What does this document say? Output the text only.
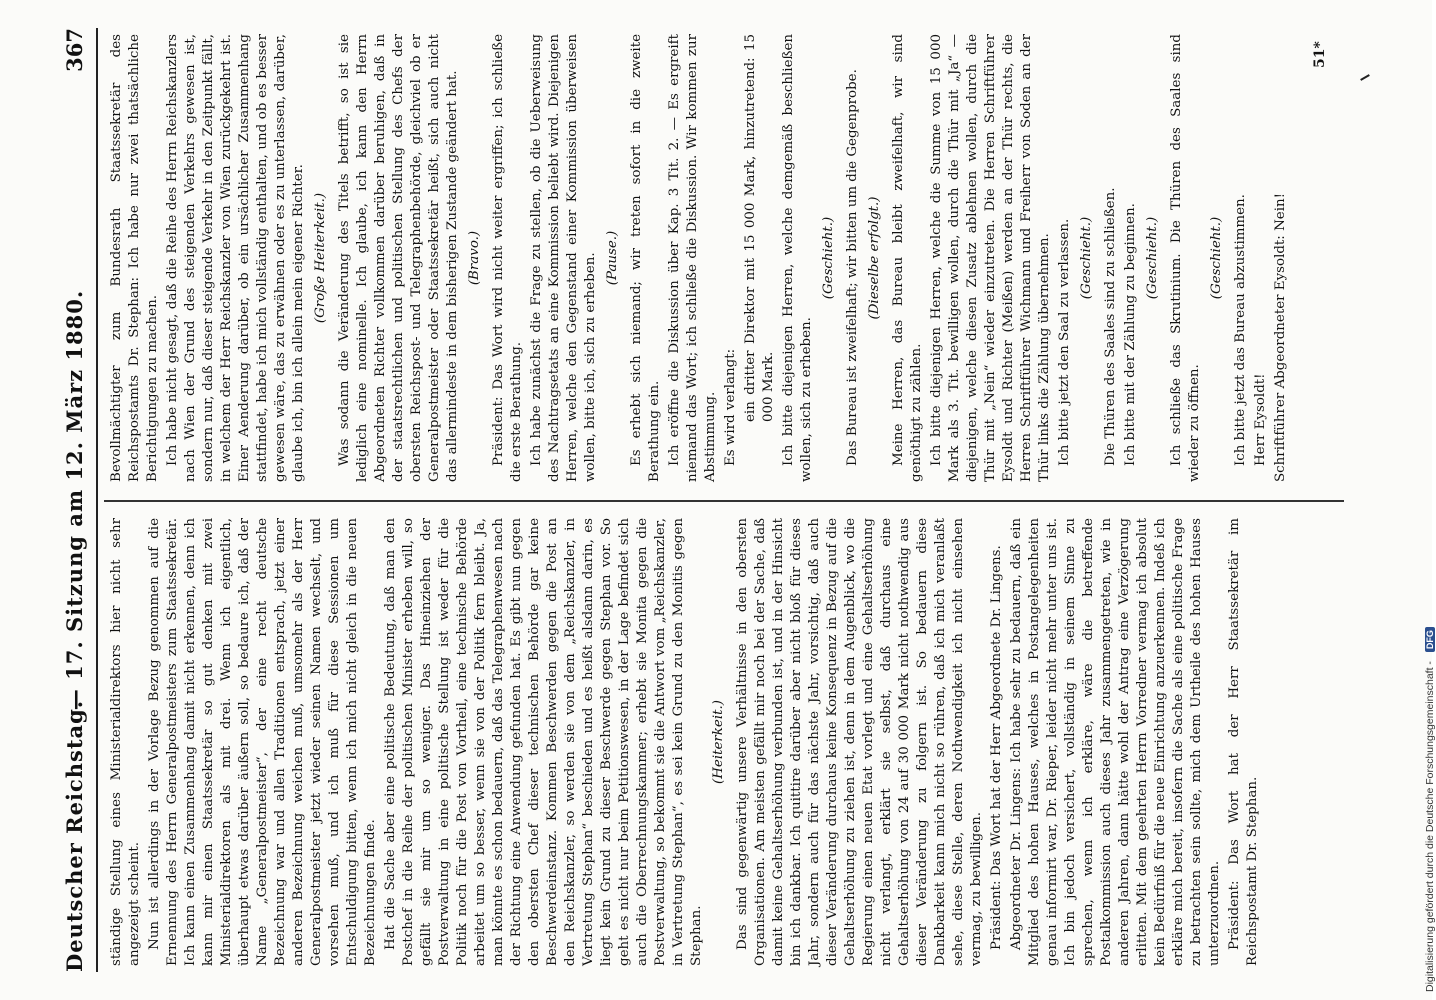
Deutscher Reichstag.
— 17. Sitzung am 12. März 1880.
367

ständige Stellung eines Ministerialdirektors hier nicht sehr angezeigt scheint. Nun ist allerdings in der Vorlage Bezug genommen auf die Ernennung des Herrn Generalpostmeisters zum Staatssekretär. Ich kann einen Zusammenhang damit nicht erkennen, denn ich kann mir einen Staatssekretär so gut denken mit zwei Ministerialdirektoren als mit drei. Wenn ich eigentlich, überhaupt etwas darüber äußern soll, so bedaure ich, daß der Name „Generalpostmeister“, der eine recht deutsche Bezeichnung war und allen Traditionen entsprach, jetzt einer anderen Bezeichnung weichen muß, umsomehr als der Herr Generalpostmeister jetzt wieder seinen Namen wechselt, und vorsehen muß, und ich muß für diese Sessionen um Entschuldigung bitten, wenn ich mich nicht gleich in die neuen Bezeichnungen finde. Hat die Sache aber eine politische Bedeutung, daß man den Postchef in die Reihe der politischen Minister erheben will, so gefällt sie mir um so weniger. Das Hineinziehen der Postverwaltung in eine politische Stellung ist weder für die Politik noch für die Post von Vortheil, eine technische Behörde arbeitet um so besser, wenn sie von der Politik fern bleibt. Ja, man könnte es schon bedauern, daß das Telegraphenwesen nach der Richtung eine Anwendung gefunden hat. Es gibt nun gegen den obersten Chef dieser technischen Behörde gar keine Beschwerdeinstanz. Kommen Beschwerden gegen die Post an den Reichskanzler, so werden sie von dem „Reichskanzler, in Vertretung Stephan“ beschieden und es heißt alsdann darin, es liegt kein Grund zu dieser Beschwerde gegen Stephan vor. So geht es nicht nur beim Petitionswesen, in der Lage befindet sich auch die Oberrechnungskammer; erhebt sie Monita gegen die Postverwaltung, so bekommt sie die Antwort vom „Reichskanzler, in Vertretung Stephan“, es sei kein Grund zu den Monitis gegen Stephan.

(Heiterkeit.) Das sind gegenwärtig unsere Verhältnisse in den obersten Organisationen. Am meisten gefällt mir noch bei der Sache, daß damit keine Gehaltserhöhung verbunden ist, und in der Hinsicht bin ich dankbar. Ich quittire darüber aber nicht bloß für dieses Jahr, sondern auch für das nächste Jahr, vorsichtig, daß auch dieser Veränderung durchaus keine Konsequenz in Bezug auf die Gehaltserhöhung zu ziehen ist, denn in dem Augenblick, wo die Regierung einen neuen Etat vorlegt und eine Gehaltserhöhung nicht verlangt, erklärt sie selbst, daß durchaus eine Gehaltserhöhung von 24 auf 30 000 Mark nicht nothwendig aus dieser Veränderung zu folgern ist. So bedauern diese Dankbarkeit kann mich nicht so rühren, daß ich mich veranlaßt sehe, diese Stelle, deren Nothwendigkeit ich nicht einsehen vermag, zu bewilligen. Präsident: Das Wort hat der Herr Abgeordnete Dr. Lingens. Abgeordneter Dr. Lingens: Ich habe sehr zu bedauern, daß ein Mitglied des hohen Hauses, welches in Postangelegenheiten genau informirt war, Dr. Rieper, leider nicht mehr unter uns ist. Ich bin jedoch versichert, vollständig in seinem Sinne zu sprechen, wenn ich erkläre, wäre die betreffende Postalkommission auch dieses Jahr zusammengetreten, wie in anderen Jahren, dann hätte wohl der Antrag eine Verzögerung erlitten. Mit dem geehrten Herrn Vorredner vermag ich absolut kein Bedürfniß für die neue Einrichtung anzuerkennen. Indeß ich erkläre mich bereit, insofern die Sache als eine politische Frage zu betrachten sein sollte, mich dem Urtheile des hohen Hauses unterzuordnen. Präsident: Das Wort hat der Herr Staatssekretär im Reichspostamt Dr. Stephan.

Bevollmächtigter zum Bundesrath Staatssekretär des Reichspostamts Dr. Stephan: Ich habe nur zwei thatsächliche Berichtigungen zu machen. Ich habe nicht gesagt, daß die Reihe des Herrn Reichskanzlers nach Wien der Grund des steigenden Verkehrs gewesen ist, sondern nur, daß dieser steigende Verkehr in den Zeitpunkt fällt, in welchem der Herr Reichskanzler von Wien zurückgekehrt ist. Einer Aenderung darüber, ob ein ursächlicher Zusammenhang stattfindet, habe ich mich vollständig enthalten, und ob es besser gewesen wäre, das zu erwähnen oder es zu unterlassen, darüber, glaube ich, bin ich allein mein eigener Richter. (Große Heiterkeit.) Was sodann die Veränderung des Titels betrifft, so ist sie lediglich eine nominelle. Ich glaube, ich kann den Herrn Abgeordneten Richter vollkommen darüber beruhigen, daß in der staatsrechtlichen und politischen Stellung des Chefs der obersten Reichspost- und Telegraphenbehörde, gleichviel ob er Generalpostmeister oder Staatssekretär heißt, sich auch nicht das allermindeste in dem bisherigen Zustande geändert hat. (Bravo.) Präsident: Das Wort wird nicht weiter ergriffen; ich schließe die erste Berathung. Ich habe zunächst die Frage zu stellen, ob die Ueberweisung des Nachtragsetats an eine Kommission beliebt wird. Diejenigen Herren, welche den Gegenstand einer Kommission überweisen wollen, bitte ich, sich zu erheben. (Pause.) Es erhebt sich niemand; wir treten sofort in die zweite Berathung ein. Ich eröffne die Diskussion über Kap. 3 Tit. 2. — Es ergreift niemand das Wort; ich schließe die Diskussion. Wir kommen zur Abstimmung. Es wird verlangt: ein dritter Direktor mit 15 000 Mark, hinzutretend: 15 000 Mark. Ich bitte diejenigen Herren, welche demgemäß beschließen wollen, sich zu erheben.

(Geschieht.) Das Bureau ist zweifelhaft; wir bitten um die Gegenprobe. (Dieselbe erfolgt.) Meine Herren, das Bureau bleibt zweifelhaft, wir sind genöthigt zu zählen. Ich bitte diejenigen Herren, welche die Summe von 15 000 Mark als 3. Tit. bewilligen wollen, durch die Thür mit „Ja“ — diejenigen, welche diesen Zusatz ablehnen wollen, durch die Thür mit „Nein“ wieder einzutreten. Die Herren Schriftführer Eysoldt und Richter (Meißen) werden an der Thür rechts, die Herren Schriftführer Wichmann und Freiherr von Soden an der Thür links die Zählung übernehmen. Ich bitte jetzt den Saal zu verlassen. (Geschieht.) Die Thüren des Saales sind zu schließen. Ich bitte mit der Zählung zu beginnen. (Geschieht.) Ich schließe das Skrutinium. Die Thüren des Saales sind wieder zu öffnen.

(Geschieht.) Ich bitte jetzt das Bureau abzustimmen. Herr Eysoldt! Schriftführer Abgeordneter Eysoldt: Nein!

51*
Digitalisierung gefördert durch die Deutsche Forschungsgemeinschaft - DFG
